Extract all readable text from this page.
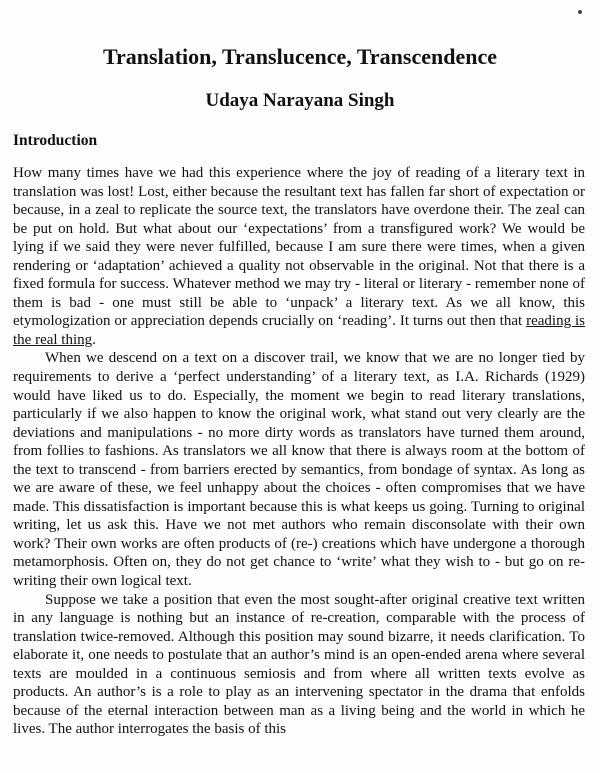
Translation, Translucence, Transcendence
Udaya Narayana Singh
Introduction

How many times have we had this experience where the joy of reading of a literary text in translation was lost! Lost, either because the resultant text has fallen far short of expectation or because, in a zeal to replicate the source text, the translators have overdone their. The zeal can be put on hold. But what about our ‘expectations’ from a transfigured work? We would be lying if we said they were never fulfilled, because I am sure there were times, when a given rendering or ‘adaptation’ achieved a quality not observable in the original. Not that there is a fixed formula for success. Whatever method we may try - literal or literary - remember none of them is bad - one must still be able to ‘unpack’ a literary text. As we all know, this etymologization or appreciation depends crucially on ‘reading’. It turns out then that reading is the real thing.

When we descend on a text on a discover trail, we know that we are no longer tied by requirements to derive a ‘perfect understanding’ of a literary text, as I.A. Richards (1929) would have liked us to do. Especially, the moment we begin to read literary translations, particularly if we also happen to know the original work, what stand out very clearly are the deviations and manipulations - no more dirty words as translators have turned them around, from follies to fashions. As translators we all know that there is always room at the bottom of the text to transcend - from barriers erected by semantics, from bondage of syntax. As long as we are aware of these, we feel unhappy about the choices - often compromises that we have made. This dissatisfaction is important because this is what keeps us going. Turning to original writing, let us ask this. Have we not met authors who remain disconsolate with their own work? Their own works are often products of (re-) creations which have undergone a thorough metamorphosis. Often on, they do not get chance to ‘write’ what they wish to - but go on re-writing their own logical text.

Suppose we take a position that even the most sought-after original creative text written in any language is nothing but an instance of re-creation, comparable with the process of translation twice-removed. Although this position may sound bizarre, it needs clarification. To elaborate it, one needs to postulate that an author’s mind is an open-ended arena where several texts are moulded in a continuous semiosis and from where all written texts evolve as products. An author’s is a role to play as an intervening spectator in the drama that enfolds because of the eternal interaction between man as a living being and the world in which he lives. The author interrogates the basis of this
